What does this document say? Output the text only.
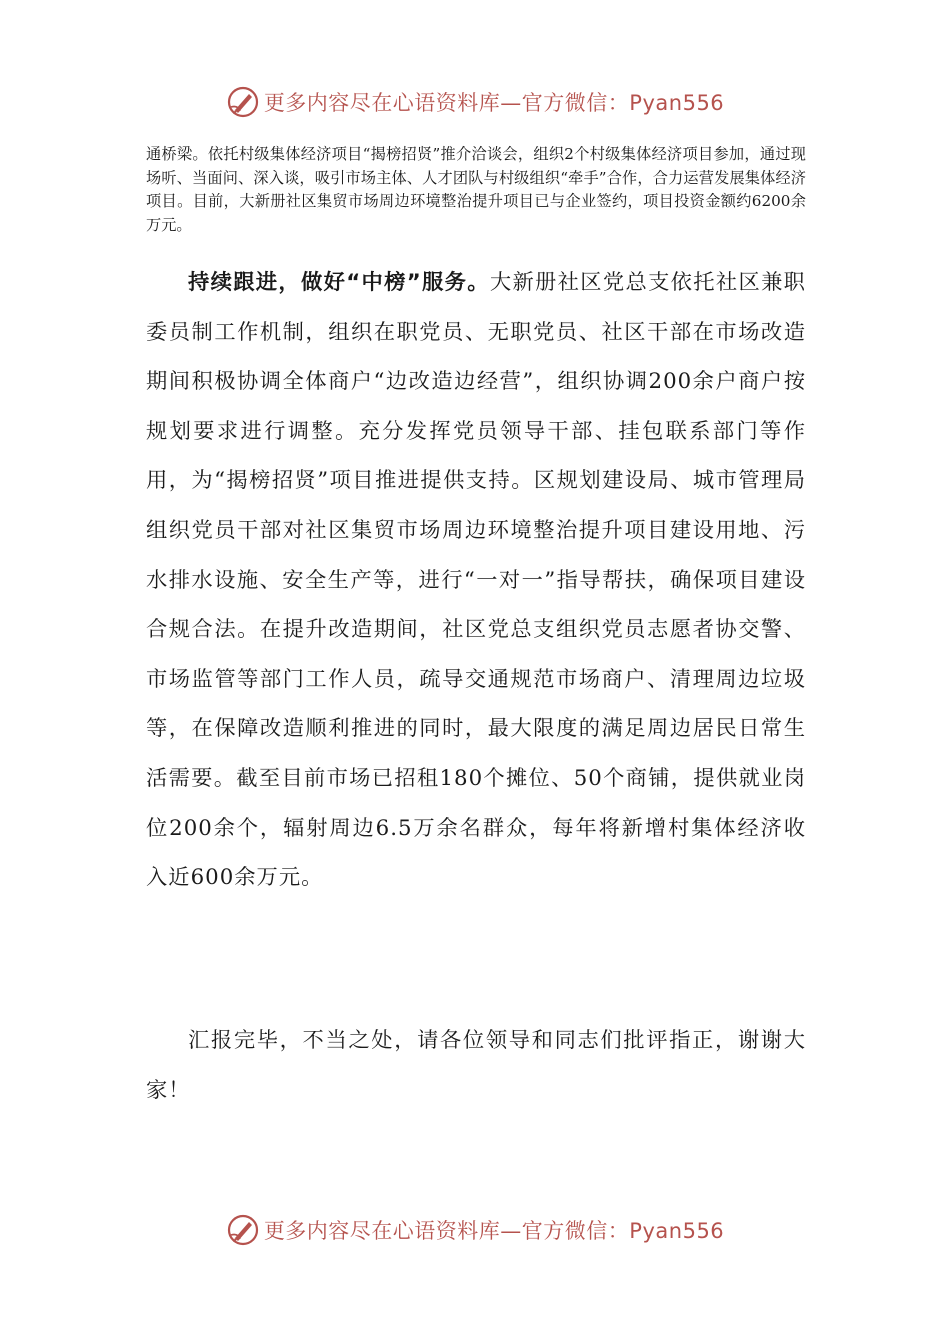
更多内容尽在心语资料库—官方微信：Pyan556

通桥梁。依托村级集体经济项目“揭榜招贤”推介洽谈会，组织2个村级集体经济项目参加，通过现场听、当面问、深入谈，吸引市场主体、人才团队与村级组织“牵手”合作，合力运营发展集体经济项目。目前，大新册社区集贸市场周边环境整治提升项目已与企业签约，项目投资金额约6200余万元。

持续跟进，做好“中榜”服务。大新册社区党总支依托社区兼职委员制工作机制，组织在职党员、无职党员、社区干部在市场改造期间积极协调全体商户“边改造边经营”，组织协调200余户商户按规划要求进行调整。充分发挥党员领导干部、挂包联系部门等作用，为“揭榜招贤”项目推进提供支持。区规划建设局、城市管理局组织党员干部对社区集贸市场周边环境整治提升项目建设用地、污水排水设施、安全生产等，进行“一对一”指导帮扶，确保项目建设合规合法。在提升改造期间，社区党总支组织党员志愿者协交警、市场监管等部门工作人员，疏导交通规范市场商户、清理周边垃圾等，在保障改造顺利推进的同时，最大限度的满足周边居民日常生活需要。截至目前市场已招租180个摊位、50个商铺，提供就业岗位200余个，辐射周边6.5万余名群众，每年将新增村集体经济收入近600余万元。

汇报完毕，不当之处，请各位领导和同志们批评指正，谢谢大家！

更多内容尽在心语资料库—官方微信：Pyan556
